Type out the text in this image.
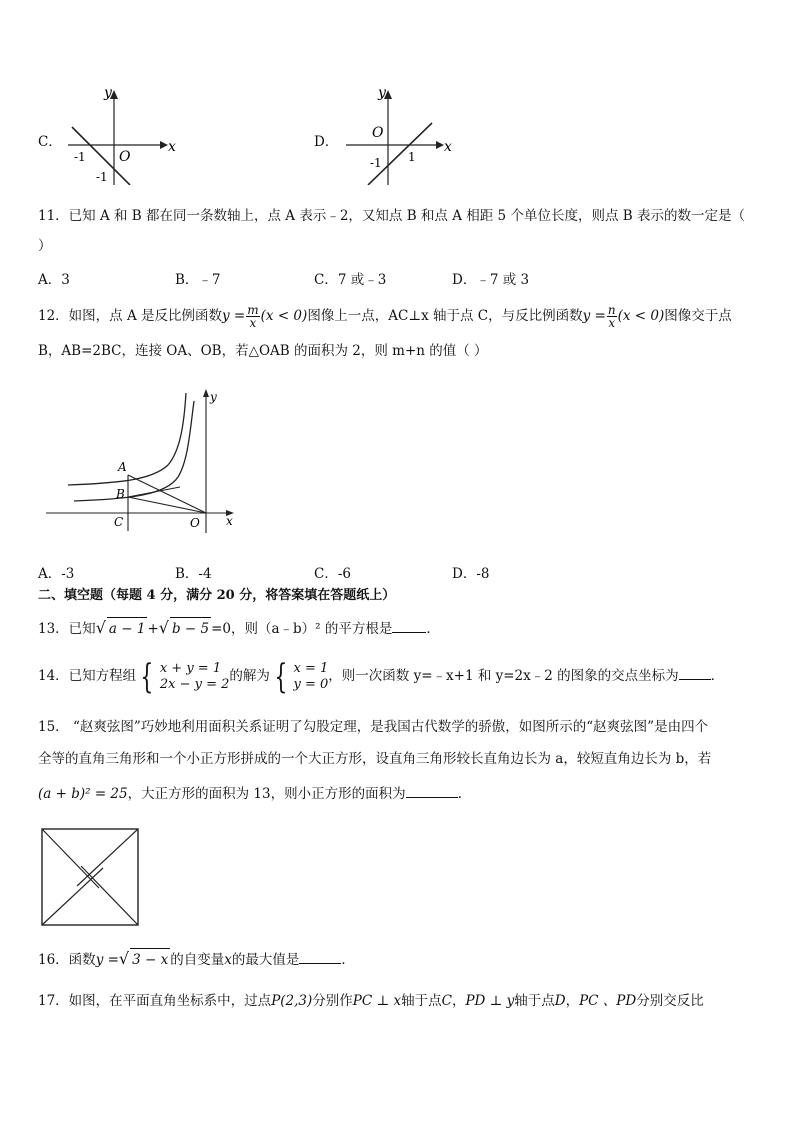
C．
y
x
O
-1
-1
D．
y
x
O
-1 1
11．已知 A 和 B 都在同一条数轴上，点 A 表示﹣2，又知点 B 和点 A 相距 5 个单位长度，则点 B 表示的数一定是（
）
A．3	B．﹣7	C．7 或﹣3	D．﹣7 或 3
12．如图，点 A 是反比例函数$y = \frac{m}{x} (x < 0)$图像上一点，AC⊥x 轴于点 C，与反比例函数$y = \frac{n}{x} (x < 0)$图像交于点
B，AB=2BC，连接 OA、OB，若△OAB 的面积为 2，则 m+n 的值（ ）
y
x
A
B
C	O
A．-3	B．-4	C．-6	D．-8
二、填空题（每题 4 分，满分 20 分，将答案填在答题纸上）
13．已知√ a − 1 +√ b − 5 =0，则（a﹣b）² 的平方根是	．
14．已知方程组 { x + y = 1
2x − y = 2 的解为 { x = 1
y = 0 ，则一次函数 y=﹣x+1 和 y=2x﹣2 的图象的交点坐标为 ．
15． “赵爽弦图”巧妙地利用面积关系证明了勾股定理，是我国古代数学的骄傲，如图所示的“赵爽弦图”是由四个
全等的直角三角形和一个小正方形拼成的一个大正方形，设直角三角形较长直角边长为 a，较短直角边长为 b，若
(a + b)² = 25，大正方形的面积为 13，则小正方形的面积为	.
16．函数y =√ 3 − x 的自变量x的最大值是	．
17．如图，在平面直角坐标系中，过点P(2,3)分别作PC ⊥ x轴于点C，PD ⊥ y轴于点D，PC 、PD分别交反比
